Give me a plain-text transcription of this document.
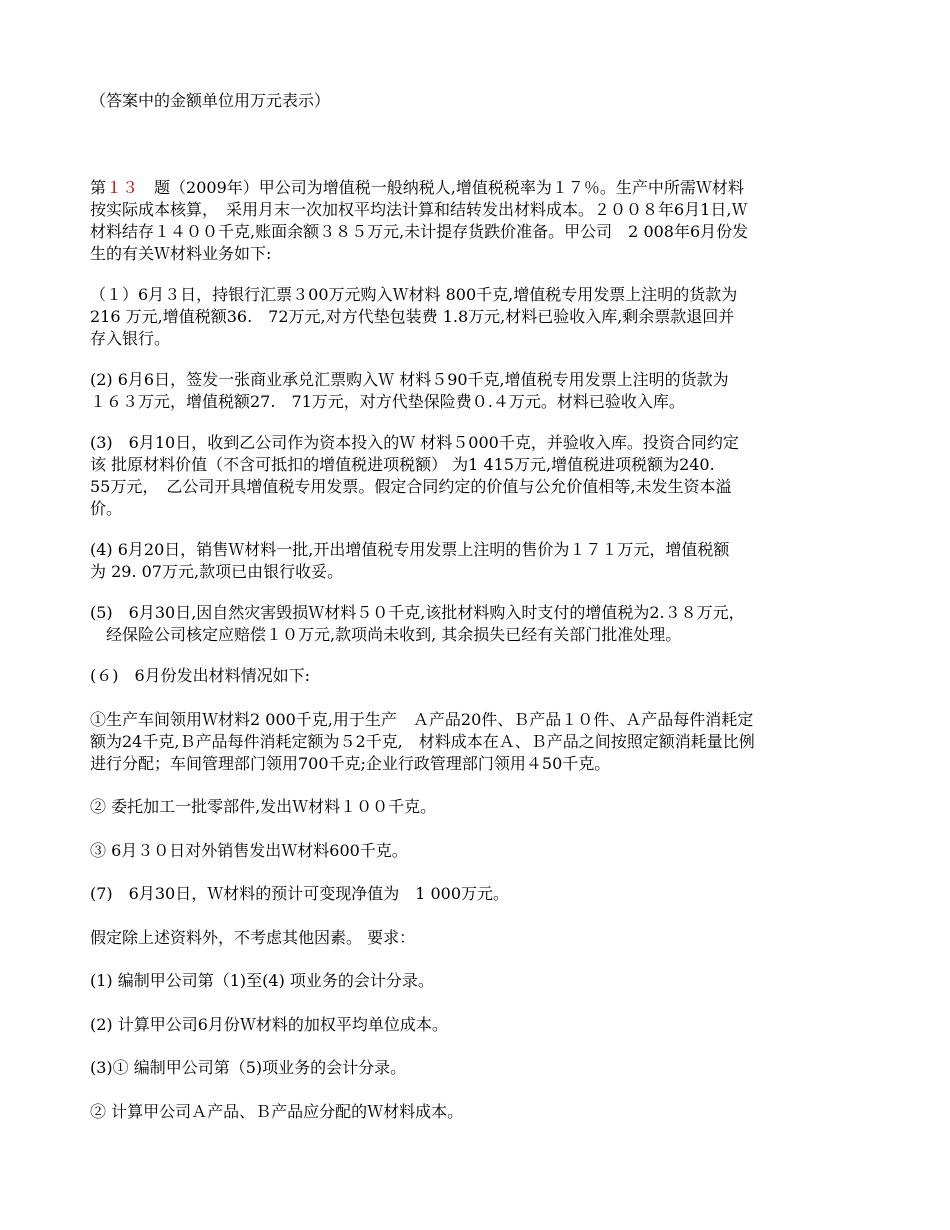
（答案中的金额单位用万元表示）
第１３　题（2009年）甲公司为增值税一般纳税人,增值税税率为１７％。生产中所需Ｗ材料
按实际成本核算，　采用月末一次加权平均法计算和结转发出材料成本。２００８年6月1日,Ｗ
材料结存１４００千克,账面余额３８５万元,未计提存货跌价准备。甲公司　2 008年6月份发
生的有关Ｗ材料业务如下:
（１）6月３日，持银行汇票３00万元购入Ｗ材料 800千克,增值税专用发票上注明的货款为
216 万元,增值税额36.　72万元,对方代垫包装费 1.8万元,材料已验收入库,剩余票款退回并
存入银行。
(2) 6月6日，签发一张商业承兑汇票购入Ｗ 材料５90千克,增值税专用发票上注明的货款为
１６３万元，增值税额27.　71万元，对方代垫保险费０.４万元。材料已验收入库。
(3)　6月10日，收到乙公司作为资本投入的Ｗ 材料５000千克，并验收入库。投资合同约定
该 批原材料价值（不含可抵扣的增值税进项税额） 为1 415万元,增值税进项税额为240.
55万元，　乙公司开具增值税专用发票。假定合同约定的价值与公允价值相等,未发生资本溢
价。
(4) 6月20日，销售Ｗ材料一批,开出增值税专用发票上注明的售价为１７１万元，增值税额
为 29. 07万元,款项已由银行收妥。
(5)　6月30日,因自然灾害毁损Ｗ材料５０千克,该批材料购入时支付的增值税为2.３８万元，
　经保险公司核定应赔偿１０万元,款项尚未收到, 其余损失已经有关部门批准处理。
(６)　6月份发出材料情况如下:
①生产车间领用Ｗ材料2 000千克,用于生产　Ａ产品20件、Ｂ产品１０件、Ａ产品每件消耗定
额为24千克,Ｂ产品每件消耗定额为５2千克,　材料成本在Ａ、Ｂ产品之间按照定额消耗量比例
进行分配；车间管理部门领用700千克;企业行政管理部门领用４50千克。
② 委托加工一批零部件,发出Ｗ材料１００千克。
③ 6月３０日对外销售发出Ｗ材料600千克。
(7)　6月30日，Ｗ材料的预计可变现净值为　1 000万元。
假定除上述资料外，不考虑其他因素。 要求：
(1) 编制甲公司第（1)至(4) 项业务的会计分录。
(2) 计算甲公司6月份Ｗ材料的加权平均单位成本。
(3)① 编制甲公司第（5)项业务的会计分录。
② 计算甲公司Ａ产品、Ｂ产品应分配的Ｗ材料成本。
